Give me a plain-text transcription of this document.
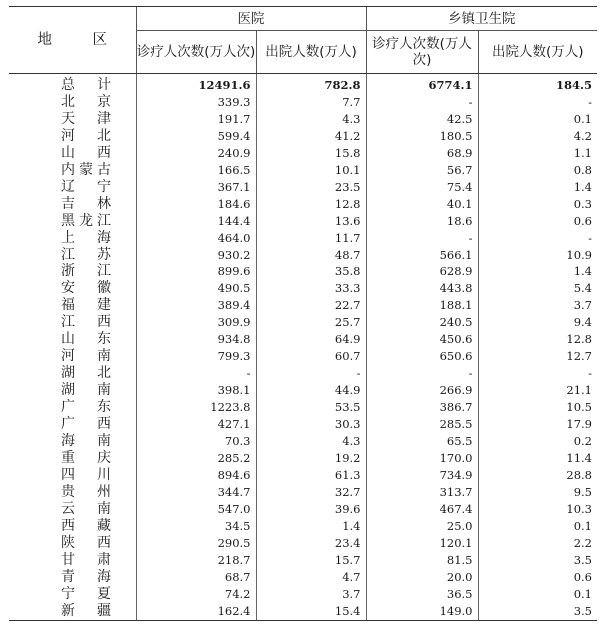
地 区	医院		乡镇卫生院	
	诊疗人次数(万人次)	出院人数(万人)	诊疗人次数(万人次)	出院人数(万人)
总计	12491.6	782.8	6774.1	184.5
北京	339.3	7.7	-	-
天津	191.7	4.3	42.5	0.1
河北	599.4	41.2	180.5	4.2
山西	240.9	15.8	68.9	1.1
内蒙古	166.5	10.1	56.7	0.8
辽宁	367.1	23.5	75.4	1.4
吉林	184.6	12.8	40.1	0.3
黑龙江	144.4	13.6	18.6	0.6
上海	464.0	11.7	-	-
江苏	930.2	48.7	566.1	10.9
浙江	899.6	35.8	628.9	1.4
安徽	490.5	33.3	443.8	5.4
福建	389.4	22.7	188.1	3.7
江西	309.9	25.7	240.5	9.4
山东	934.8	64.9	450.6	12.8
河南	799.3	60.7	650.6	12.7
湖北	-	-	-	-
湖南	398.1	44.9	266.9	21.1
广东	1223.8	53.5	386.7	10.5
广西	427.1	30.3	285.5	17.9
海南	70.3	4.3	65.5	0.2
重庆	285.2	19.2	170.0	11.4
四川	894.6	61.3	734.9	28.8
贵州	344.7	32.7	313.7	9.5
云南	547.0	39.6	467.4	10.3
西藏	34.5	1.4	25.0	0.1
陕西	290.5	23.4	120.1	2.2
甘肃	218.7	15.7	81.5	3.5
青海	68.7	4.7	20.0	0.6
宁夏	74.2	3.7	36.5	0.1
新疆	162.4	15.4	149.0	3.5
